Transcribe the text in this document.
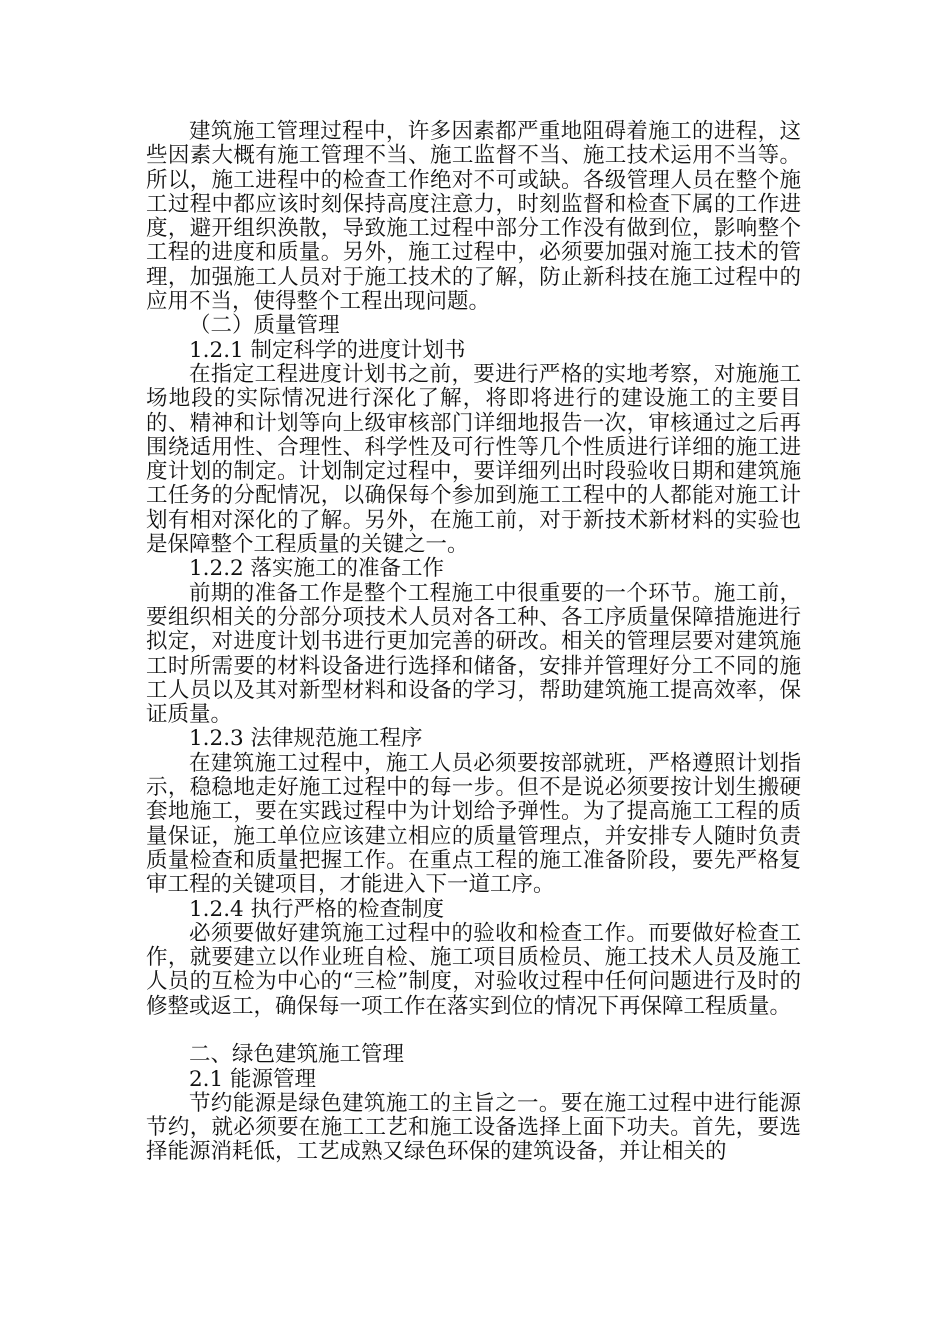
建筑施工管理过程中，许多因素都严重地阻碍着施工的进程，这些因素大概有施工管理不当、施工监督不当、施工技术运用不当等。所以，施工进程中的检查工作绝对不可或缺。各级管理人员在整个施工过程中都应该时刻保持高度注意力，时刻监督和检查下属的工作进度，避开组织涣散，导致施工过程中部分工作没有做到位，影响整个工程的进度和质量。另外，施工过程中，必须要加强对施工技术的管理，加强施工人员对于施工技术的了解，防止新科技在施工过程中的应用不当，使得整个工程出现问题。

（二）质量管理

1.2.1 制定科学的进度计划书

在指定工程进度计划书之前，要进行严格的实地考察，对施施工场地段的实际情况进行深化了解，将即将进行的建设施工的主要目的、精神和计划等向上级审核部门详细地报告一次，审核通过之后再围绕适用性、合理性、科学性及可行性等几个性质进行详细的施工进度计划的制定。计划制定过程中，要详细列出时段验收日期和建筑施工任务的分配情况，以确保每个参加到施工工程中的人都能对施工计划有相对深化的了解。另外，在施工前，对于新技术新材料的实验也是保障整个工程质量的关键之一。

1.2.2 落实施工的准备工作

前期的准备工作是整个工程施工中很重要的一个环节。施工前，要组织相关的分部分项技术人员对各工种、各工序质量保障措施进行拟定，对进度计划书进行更加完善的研改。相关的管理层要对建筑施工时所需要的材料设备进行选择和储备，安排并管理好分工不同的施工人员以及其对新型材料和设备的学习，帮助建筑施工提高效率，保证质量。

1.2.3 法律规范施工程序

在建筑施工过程中，施工人员必须要按部就班，严格遵照计划指示，稳稳地走好施工过程中的每一步。但不是说必须要按计划生搬硬套地施工，要在实践过程中为计划给予弹性。为了提高施工工程的质量保证，施工单位应该建立相应的质量管理点，并安排专人随时负责质量检查和质量把握工作。在重点工程的施工准备阶段，要先严格复审工程的关键项目，才能进入下一道工序。

1.2.4 执行严格的检查制度

必须要做好建筑施工过程中的验收和检查工作。而要做好检查工作，就要建立以作业班自检、施工项目质检员、施工技术人员及施工人员的互检为中心的“三检”制度，对验收过程中任何问题进行及时的修整或返工，确保每一项工作在落实到位的情况下再保障工程质量。

二、绿色建筑施工管理

2.1 能源管理

节约能源是绿色建筑施工的主旨之一。要在施工过程中进行能源节约，就必须要在施工工艺和施工设备选择上面下功夫。首先，要选择能源消耗低，工艺成熟又绿色环保的建筑设备，并让相关的
